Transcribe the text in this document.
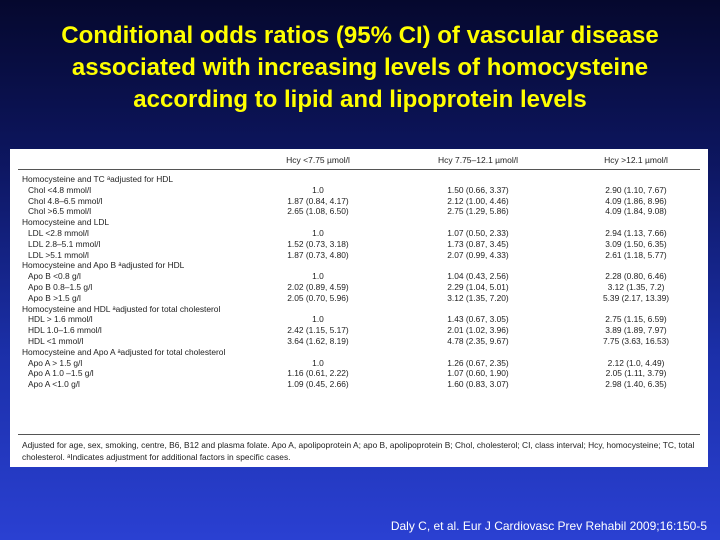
Conditional odds ratios (95% CI) of vascular disease
associated with increasing levels of homocysteine
according to lipid and lipoprotein levels
Hcy <7.75 µmol/l	Hcy 7.75–12.1 µmol/l	Hcy >12.1 µmol/l
Homocysteine and TC ᵃadjusted for HDL
Chol <4.8 mmol/l	1.0	1.50 (0.66, 3.37)	2.90 (1.10, 7.67)
Chol 4.8–6.5 mmol/l	1.87 (0.84, 4.17)	2.12 (1.00, 4.46)	4.09 (1.86, 8.96)
Chol >6.5 mmol/l	2.65 (1.08, 6.50)	2.75 (1.29, 5.86)	4.09 (1.84, 9.08)
Homocysteine and LDL
LDL <2.8 mmol/l	1.0	1.07 (0.50, 2.33)	2.94 (1.13, 7.66)
LDL 2.8–5.1 mmol/l	1.52 (0.73, 3.18)	1.73 (0.87, 3.45)	3.09 (1.50, 6.35)
LDL >5.1 mmol/l	1.87 (0.73, 4.80)	2.07 (0.99, 4.33)	2.61 (1.18, 5.77)
Homocysteine and Apo B ᵃadjusted for HDL
Apo B <0.8 g/l	1.0	1.04 (0.43, 2.56)	2.28 (0.80, 6.46)
Apo B 0.8–1.5 g/l	2.02 (0.89, 4.59)	2.29 (1.04, 5.01)	3.12 (1.35, 7.2)
Apo B >1.5 g/l	2.05 (0.70, 5.96)	3.12 (1.35, 7.20)	5.39 (2.17, 13.39)
Homocysteine and HDL ᵃadjusted for total cholesterol
HDL > 1.6 mmol/l	1.0	1.43 (0.67, 3.05)	2.75 (1.15, 6.59)
HDL 1.0–1.6 mmol/l	2.42 (1.15, 5.17)	2.01 (1.02, 3.96)	3.89 (1.89, 7.97)
HDL <1 mmol/l	3.64 (1.62, 8.19)	4.78 (2.35, 9.67)	7.75 (3.63, 16.53)
Homocysteine and Apo A ᵃadjusted for total cholesterol
Apo A > 1.5 g/l	1.0	1.26 (0.67, 2.35)	2.12 (1.0, 4.49)
Apo A 1.0 –1.5 g/l	1.16 (0.61, 2.22)	1.07 (0.60, 1.90)	2.05 (1.11, 3.79)
Apo A <1.0 g/l	1.09 (0.45, 2.66)	1.60 (0.83, 3.07)	2.98 (1.40, 6.35)
Adjusted for age, sex, smoking, centre, B6, B12 and plasma folate. Apo A, apolipoprotein A; apo B, apolipoprotein B; Chol, cholesterol; CI, class interval; Hcy, homocysteine; TC, total cholesterol. ᵃIndicates adjustment for additional factors in specific cases.
Daly C, et al. Eur J Cardiovasc Prev Rehabil 2009;16:150-5
